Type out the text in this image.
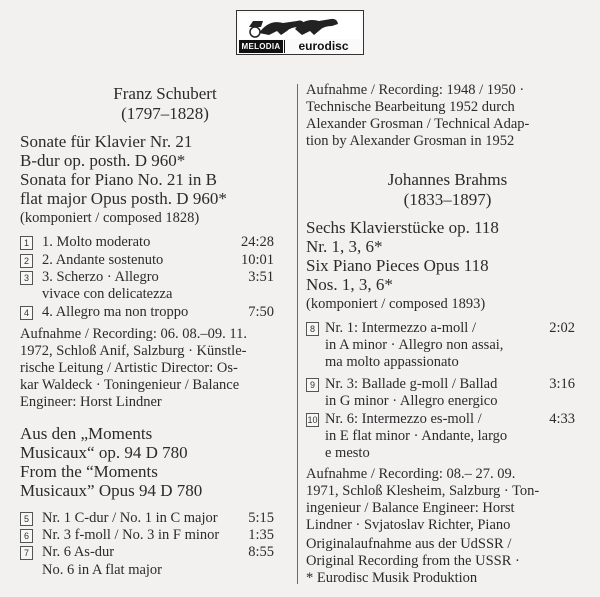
MELODIA	eurodisc
Franz Schubert
(1797–1828)
Sonate für Klavier Nr. 21
B-dur op. posth. D 960*
Sonata for Piano No. 21 in B
flat major Opus posth. D 960*
(komponiert / composed 1828)
1 1. Molto moderato	24:28
2 2. Andante sostenuto	10:01
3 3. Scherzo · Allegro	3:51
vivace con delicatezza
4 4. Allegro ma non troppo	7:50
Aufnahme / Recording: 06. 08.–09. 11.
1972, Schloß Anif, Salzburg · Künstle-
rische Leitung / Artistic Director: Os-
kar Waldeck · Toningenieur / Balance
Engineer: Horst Lindner
Aus den „Moments
Musicaux“ op. 94 D 780
From the “Moments
Musicaux” Opus 94 D 780
5 Nr. 1 C-dur / No. 1 in C major	5:15
6 Nr. 3 f-moll / No. 3 in F minor	1:35
7 Nr. 6 As-dur	8:55
No. 6 in A flat major
Aufnahme / Recording: 1948 / 1950 ·
Technische Bearbeitung 1952 durch
Alexander Grosman / Technical Adap-
tion by Alexander Grosman in 1952
Johannes Brahms
(1833–1897)
Sechs Klavierstücke op. 118
Nr. 1, 3, 6*
Six Piano Pieces Opus 118
Nos. 1, 3, 6*
(komponiert / composed 1893)
8 Nr. 1: Intermezzo a-moll /	2:02
in A minor · Allegro non assai,
ma molto appassionato
9 Nr. 3: Ballade g-moll / Ballad	3:16
in G minor · Allegro energico
10 Nr. 6: Intermezzo es-moll /	4:33
in E flat minor · Andante, largo
e mesto
Aufnahme / Recording: 08.– 27. 09.
1971, Schloß Klesheim, Salzburg · Ton-
ingenieur / Balance Engineer: Horst
Lindner · Svjatoslav Richter, Piano
Originalaufnahme aus der UdSSR /
Original Recording from the USSR ·
* Eurodisc Musik Produktion
